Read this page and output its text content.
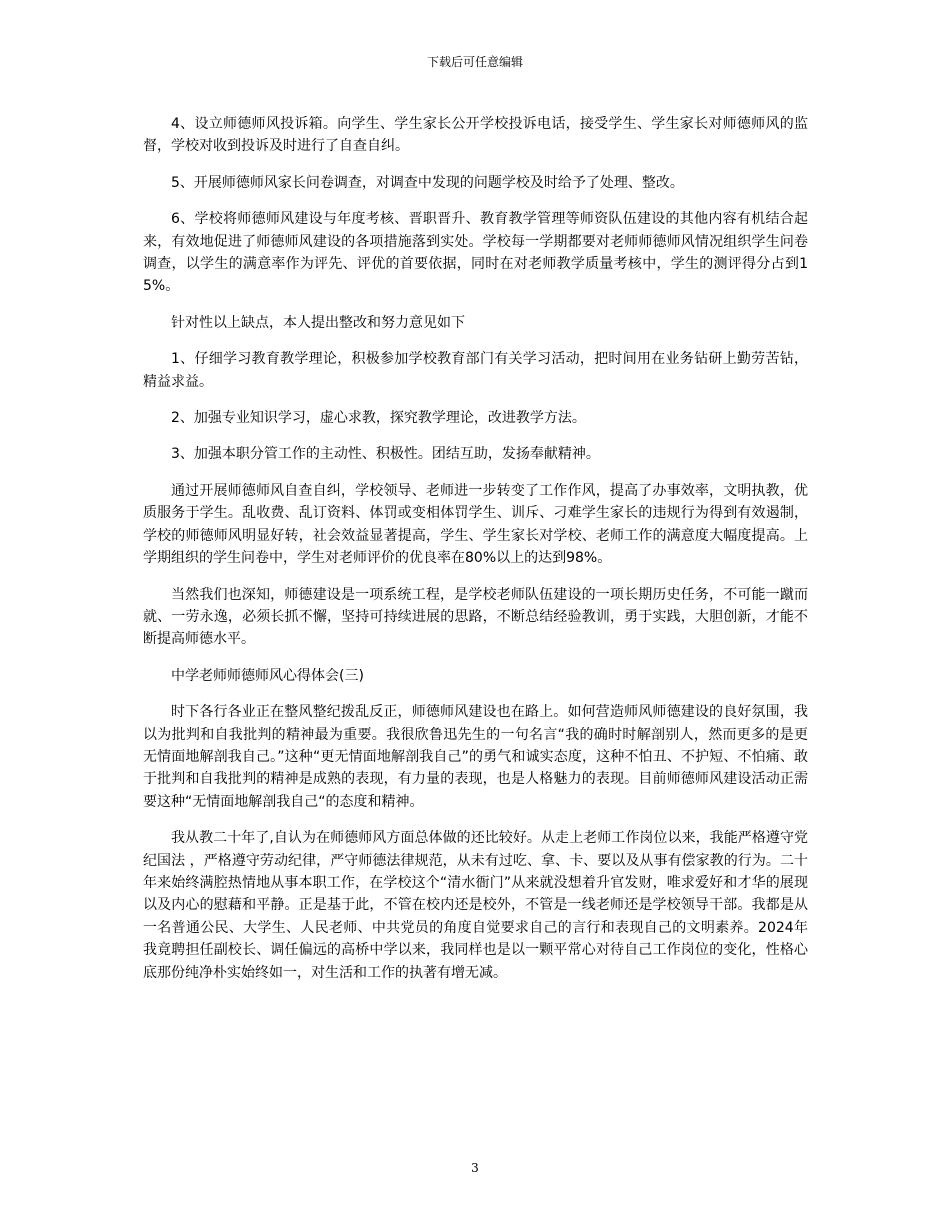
下载后可任意编辑

4、设立师德师风投诉箱。向学生、学生家长公开学校投诉电话，接受学生、学生家长对师德师风的监督，学校对收到投诉及时进行了自查自纠。

5、开展师德师风家长问卷调查，对调查中发现的问题学校及时给予了处理、整改。

6、学校将师德师风建设与年度考核、晋职晋升、教育教学管理等师资队伍建设的其他内容有机结合起来，有效地促进了师德师风建设的各项措施落到实处。学校每一学期都要对老师师德师风情况组织学生问卷调查，以学生的满意率作为评先、评优的首要依据，同时在对老师教学质量考核中，学生的测评得分占到15%。

针对性以上缺点，本人提出整改和努力意见如下

1、仔细学习教育教学理论，积极参加学校教育部门有关学习活动，把时间用在业务钻研上勤劳苦钻，精益求益。

2、加强专业知识学习，虚心求教，探究教学理论，改进教学方法。

3、加强本职分管工作的主动性、积极性。团结互助，发扬奉献精神。

通过开展师德师风自查自纠，学校领导、老师进一步转变了工作作风，提高了办事效率，文明执教，优质服务于学生。乱收费、乱订资料、体罚或变相体罚学生、训斥、刁难学生家长的违规行为得到有效遏制，学校的师德师风明显好转，社会效益显著提高，学生、学生家长对学校、老师工作的满意度大幅度提高。上学期组织的学生问卷中，学生对老师评价的优良率在80%以上的达到98%。

当然我们也深知，师德建设是一项系统工程，是学校老师队伍建设的一项长期历史任务，不可能一蹴而就、一劳永逸，必须长抓不懈，坚持可持续进展的思路，不断总结经验教训，勇于实践，大胆创新，才能不断提高师德水平。

中学老师师德师风心得体会(三)

时下各行各业正在整风整纪拨乱反正，师德师风建设也在路上。如何营造师风师德建设的良好氛围，我以为批判和自我批判的精神最为重要。我很欣鲁迅先生的一句名言“我的确时时解剖别人，然而更多的是更无情面地解剖我自己。”这种“更无情面地解剖我自己”的勇气和诚实态度，这种不怕丑、不护短、不怕痛、敢于批判和自我批判的精神是成熟的表现，有力量的表现，也是人格魅力的表现。目前师德师风建设活动正需要这种“无情面地解剖我自己“的态度和精神。

我从教二十年了,自认为在师德师风方面总体做的还比较好。从走上老师工作岗位以来，我能严格遵守党纪国法 ，严格遵守劳动纪律，严守师德法律规范，从未有过吃、拿、卡、要以及从事有偿家教的行为。二十年来始终满腔热情地从事本职工作，在学校这个“清水衙门”从来就没想着升官发财，唯求爱好和才华的展现以及内心的慰藉和平静。正是基于此，不管在校内还是校外，不管是一线老师还是学校领导干部。我都是从一名普通公民、大学生、人民老师、中共党员的角度自觉要求自己的言行和表现自己的文明素养。2024年我竟聘担任副校长、调任偏远的高桥中学以来，我同样也是以一颗平常心对待自己工作岗位的变化，性格心底那份纯净朴实始终如一，对生活和工作的执著有增无减。

3
